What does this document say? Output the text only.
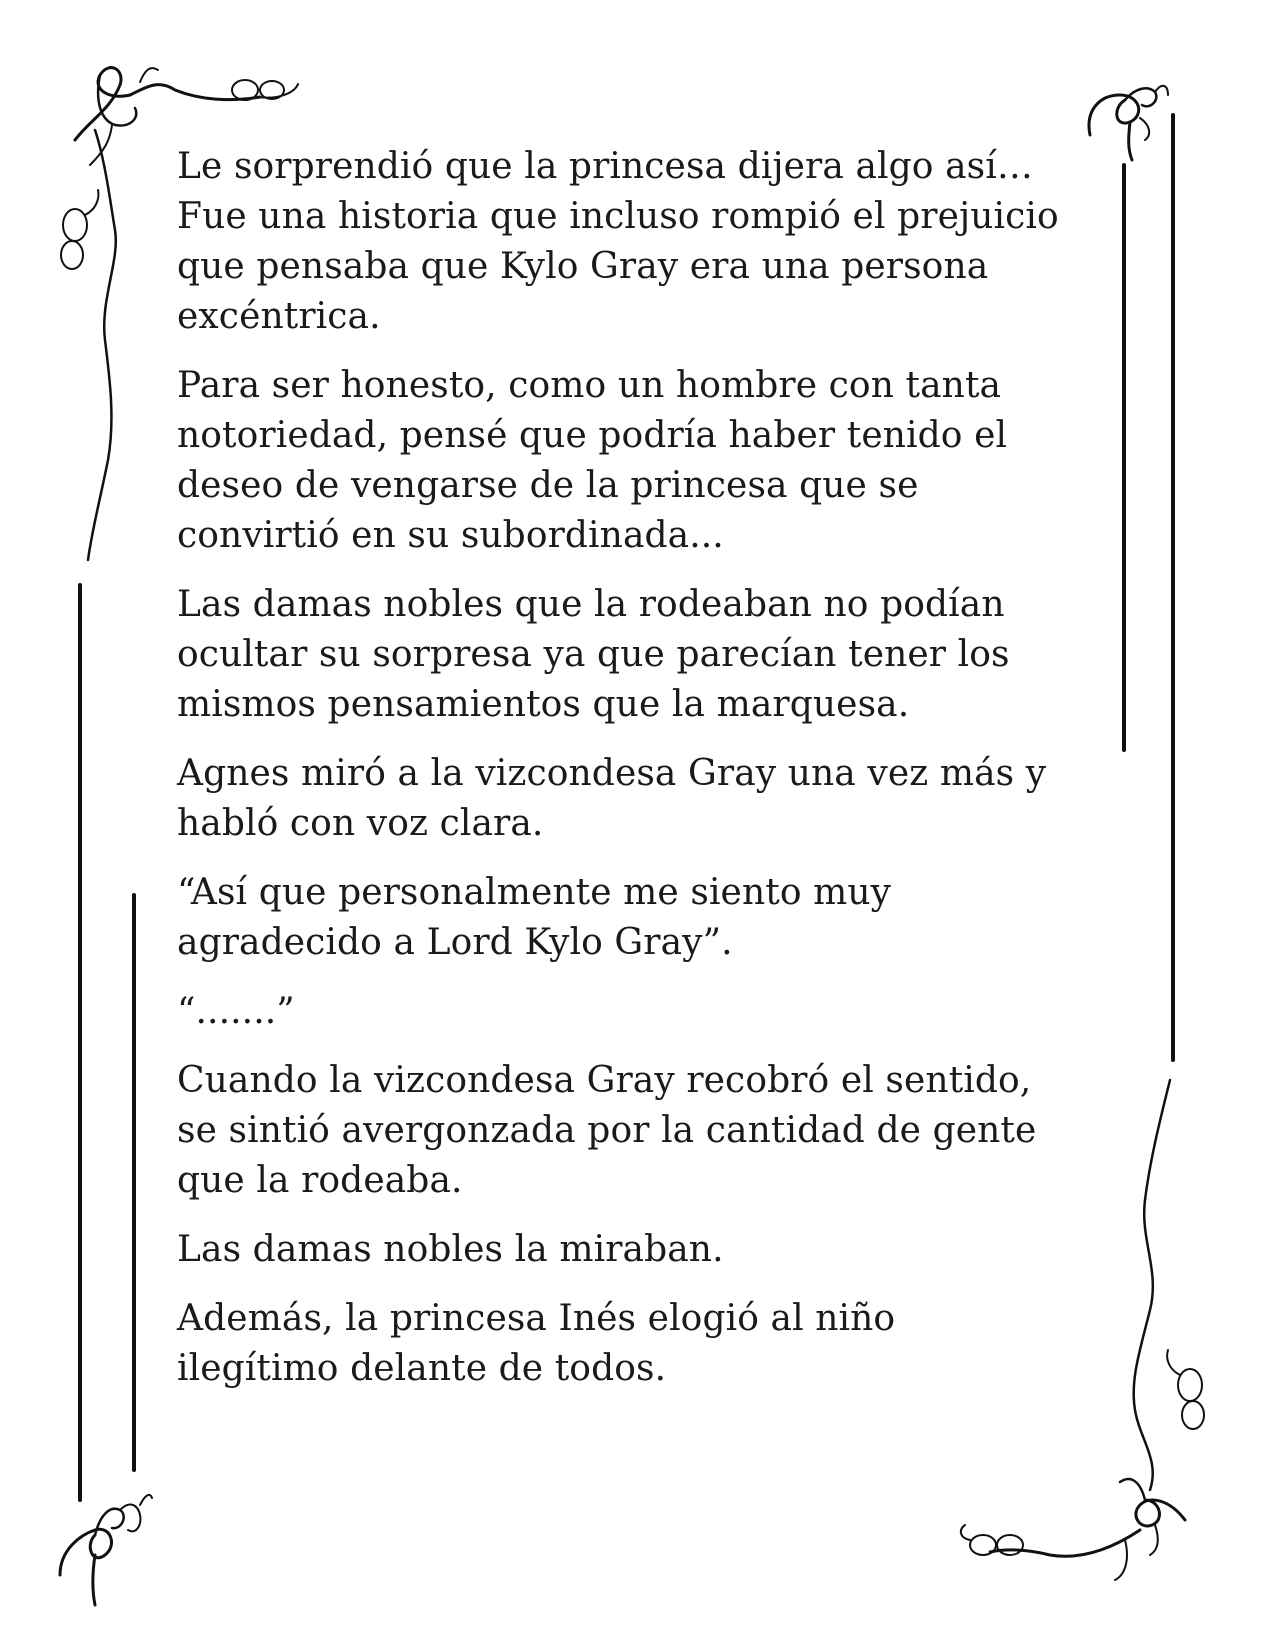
Le sorprendió que la princesa dijera algo así…
Fue una historia que incluso rompió el prejuicio
que pensaba que Kylo Gray era una persona
excéntrica.

Para ser honesto, como un hombre con tanta
notoriedad, pensé que podría haber tenido el
deseo de vengarse de la princesa que se
convirtió en su subordinada...

Las damas nobles que la rodeaban no podían
ocultar su sorpresa ya que parecían tener los
mismos pensamientos que la marquesa.

Agnes miró a la vizcondesa Gray una vez más y
habló con voz clara.

“Así que personalmente me siento muy
agradecido a Lord Kylo Gray”.

“.......”

Cuando la vizcondesa Gray recobró el sentido,
se sintió avergonzada por la cantidad de gente
que la rodeaba.

Las damas nobles la miraban.

Además, la princesa Inés elogió al niño
ilegítimo delante de todos.
